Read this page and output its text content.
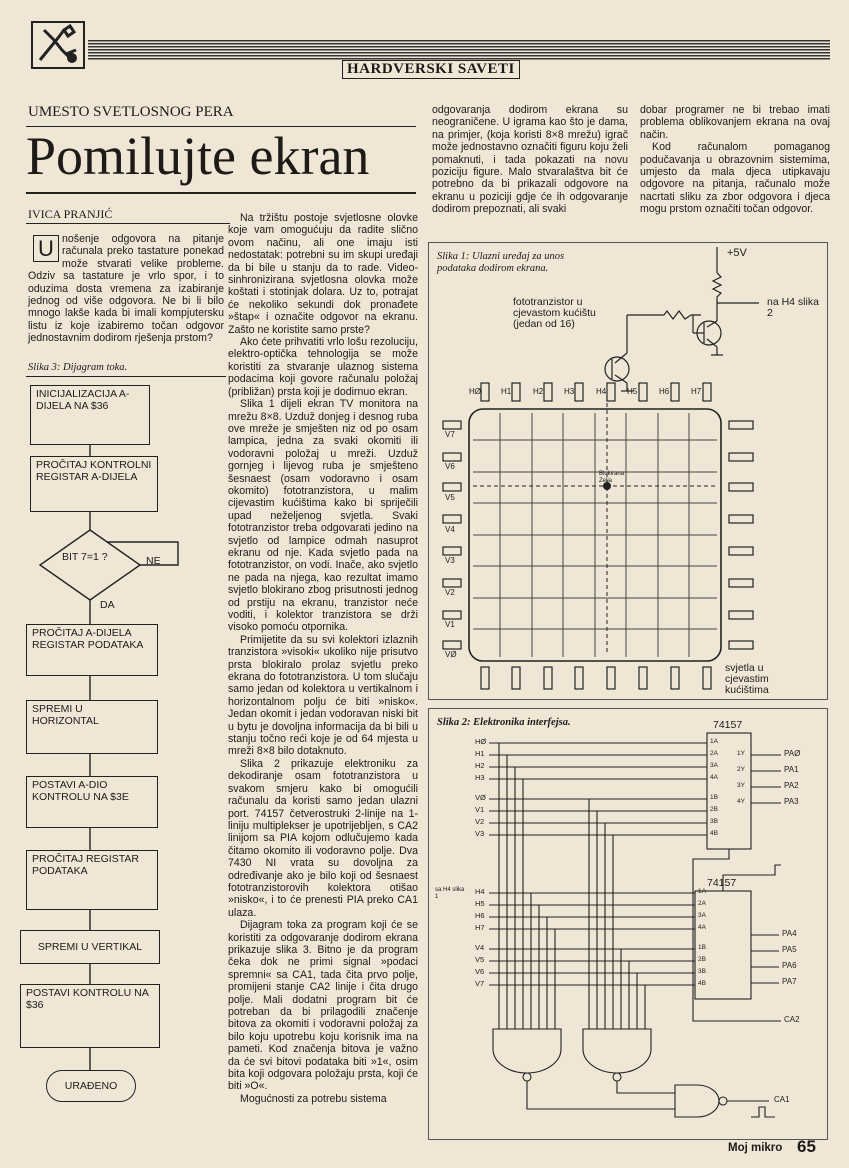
HARDVERSKI SAVETI
UMESTO SVETLOSNOG PERA
Pomilujte ekran
IVICA PRANJIĆ
U nošenje odgovora na pitanje računala preko tastature ponekad može stvarati velike probleme. Odziv sa tastature je vrlo spor, i to oduzima dosta vremena za izabiranje jednog od više odgovora. Ne bi li bilo mnogo lakše kada bi imali kompjutersku listu iz koje izabiremo točan odgovor jednostavnim dodirom rješenja prstom?
Slika 3: Dijagram toka.
INICIJALIZACIJA A-DIJELA NA $36
PROČITAJ KONTROLNI REGISTAR A-DIJELA
BIT 7=1 ?	NE
DA
PROČITAJ A-DIJELA REGISTAR PODATAKA
SPREMI U HORIZONTAL
POSTAVI A-DIO KONTROLU NA $3E
PROČITAJ REGISTAR PODATAKA
SPREMI U VERTIKAL
POSTAVI KONTROLU NA $36
URAĐENO

Na tržištu postoje svjetlosne olovke koje vam omogućuju da radite slično ovom načinu, ali one imaju isti nedostatak: potrebni su im skupi uređaji da bi bile u stanju da to rade. Video-sinhronizirana svjetlosna olovka može koštati i stotinjak dolara. Uz to, potrajat će nekoliko sekundi dok pronađete »štap« i označite odgovor na ekranu. Zašto ne koristite samo prste?

Ako ćete prihvatiti vrlo lošu rezoluciju, elektro-optička tehnologija se može koristiti za stvaranje ulaznog sistema podacima koji govore računalu položaj (približan) prsta koji je dodirnuo ekran.

Slika 1 dijeli ekran TV monitora na mrežu 8×8. Uzduž donjeg i desnog ruba ove mreže je smješten niz od po osam lampica, jedna za svaki okomiti ili vodoravni položaj u mreži. Uzduž gornjeg i lijevog ruba je smješteno šesnaest (osam vodoravno i osam okomito) fototranzistora, u malim cijevastim kućištima kako bi spriječili upad neželjenog svjetla. Svaki fototranzistor treba odgovarati jedino na svjetlo od lampice odmah nasuprot ekranu od nje. Kada svjetlo pada na fototranzistor, on vodi. Inače, ako svjetlo ne pada na njega, kao rezultat imamo svjetlo blokirano zbog prisutnosti jednog od prstiju na ekranu, tranzistor neće voditi, i kolektor tranzistora se drži visoko pomoću otpornika.

Primijetite da su svi kolektori izlaznih tranzistora »visoki« ukoliko nije prisutvo prsta blokiralo prolaz svjetlu preko ekrana do fototranzistora. U tom slučaju samo jedan od kolektora u vertikalnom i horizontalnom polju će biti »nisko«. Jedan okomit i jedan vodoravan niski bit u bytu je dovoljna informacija da bi bili u stanju točno reći koje je od 64 mjesta u mreži 8×8 bilo dotaknuto.

Slika 2 prikazuje elektroniku za dekodiranje osam fototranzistora u svakom smjeru kako bi omogućili računalu da koristi samo jedan ulazni port. 74157 četverostruki 2-linije na 1-liniju multiplekser je upotrijebljen, s CA2 linijom sa PIA kojom odlučujemo kada čitamo okomito ili vodoravno polje. Dva 7430 NI vrata su dovoljna za određivanje ako je bilo koji od šesnaest fototranzistorovih kolektora otišao »nisko«, i to će prenesti PIA preko CA1 ulaza.

Dijagram toka za program koji će se koristiti za odgovaranje dodirom ekrana prikazuje slika 3. Bitno je da program čeka dok ne primi signal »podaci spremni« sa CA1, tada čita prvo polje, promijeni stanje CA2 linije i čita drugo polje. Mali dodatni program bit će potreban da bi prilagodili značenje bitova za okomiti i vodoravni položaj za bilo koju upotrebu koju korisnik ima na pameti. Kod značenja bitova je važno da će svi bitovi podataka biti »1«, osim bita koji odgovara položaju prsta, koji će biti »O«.

Mogućnosti za potrebu sistema

odgovaranja dodirom ekrana su neograničene. U igrama kao što je dama, na primjer, (koja koristi 8×8 mrežu) igrač može jednostavno označiti figuru koju želi pomaknuti, i tada pokazati na novu poziciju figure. Malo stvaralaštva bit će potrebno da bi prikazali odgovore na ekranu u poziciji gdje će ih odgovaranje dodirom prepoznati, ali svaki

dobar programer ne bi trebao imati problema oblikovanjem ekrana na ovaj način.

Kod računalom pomaganog podučavanja u obrazovnim sistemima, umjesto da mala djeca utipkavaju odgovore na pitanja, računalo može nacrtati sliku za zbor odgovora i djeca mogu prstom označiti točan odgovor.

Slika 1: Ulazni uređaj za unos podataka dodirom ekrana.
+5V
na H4 slika 2
fototranzistor u cjevastom kućištu (jedan od 16)
HØ	H1	H2	H3	H4	H5	H6	H7
V7
V6
V5
V4
V3
V2
V1
VØ
Blokirana Zelja
svjetla u cjevastim kućištima
Slika 2: Elektronika interfejsa.	74157
74157
sa H4 slika 1
HØ
H1
H2
H3
VØ
V1
V2
V3
H4
H5
H6
H7
V4
V5
V6
V7
1A
2A
3A
4A
1B
2B
3B
4B
1A
2A
3A
4A
1B
2B
3B
4B
1Y
2Y
3Y
4Y
PAØ
PA1
PA2
PA3
PA4
PA5
PA6
PA7
CA2
CA1
Moj mikro 65
